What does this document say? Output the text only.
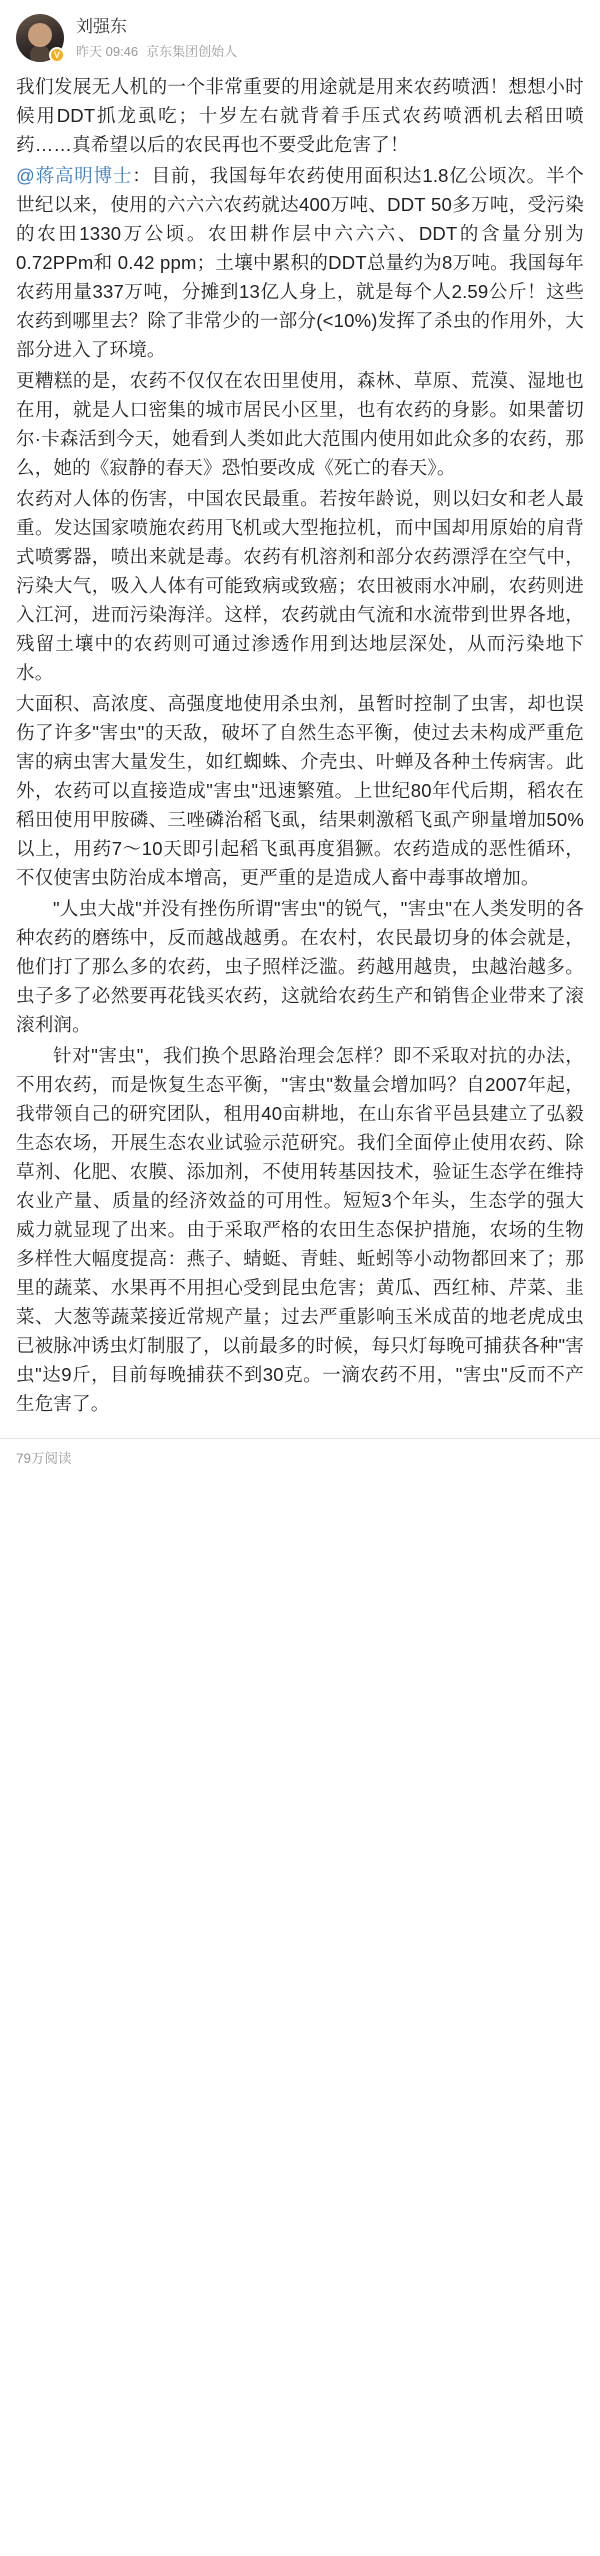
V
刘强东
昨天 09:46 京东集团创始人

我们发展无人机的一个非常重要的用途就是用来农药喷洒！想想小时候用DDT抓龙虱吃；十岁左右就背着手压式农药喷洒机去稻田喷药……真希望以后的农民再也不要受此危害了！

@蒋高明博士：目前，我国每年农药使用面积达1.8亿公顷次。半个世纪以来，使用的六六六农药就达400万吨、DDT 50多万吨，受污染的农田1330万公顷。农田耕作层中六六六、DDT的含量分别为0.72PPm和 0.42 ppm；土壤中累积的DDT总量约为8万吨。我国每年农药用量337万吨，分摊到13亿人身上，就是每个人2.59公斤！这些农药到哪里去？除了非常少的一部分(<10%)发挥了杀虫的作用外，大部分进入了环境。

更糟糕的是，农药不仅仅在农田里使用，森林、草原、荒漠、湿地也在用，就是人口密集的城市居民小区里，也有农药的身影。如果蕾切尔·卡森活到今天，她看到人类如此大范围内使用如此众多的农药，那么，她的《寂静的春天》恐怕要改成《死亡的春天》。

农药对人体的伤害，中国农民最重。若按年龄说，则以妇女和老人最重。发达国家喷施农药用飞机或大型拖拉机，而中国却用原始的肩背式喷雾器，喷出来就是毒。农药有机溶剂和部分农药漂浮在空气中，污染大气，吸入人体有可能致病或致癌；农田被雨水冲刷，农药则进入江河，进而污染海洋。这样，农药就由气流和水流带到世界各地，残留土壤中的农药则可通过渗透作用到达地层深处，从而污染地下水。

大面积、高浓度、高强度地使用杀虫剂，虽暂时控制了虫害，却也误伤了许多"害虫"的天敌，破坏了自然生态平衡，使过去未构成严重危害的病虫害大量发生，如红蜘蛛、介壳虫、叶蝉及各种土传病害。此外，农药可以直接造成"害虫"迅速繁殖。上世纪80年代后期，稻农在稻田使用甲胺磷、三唑磷治稻飞虱，结果刺激稻飞虱产卵量增加50%以上，用药7～10天即引起稻飞虱再度猖獗。农药造成的恶性循环，不仅使害虫防治成本增高，更严重的是造成人畜中毒事故增加。

"人虫大战"并没有挫伤所谓"害虫"的锐气，"害虫"在人类发明的各种农药的磨练中，反而越战越勇。在农村，农民最切身的体会就是，他们打了那么多的农药，虫子照样泛滥。药越用越贵，虫越治越多。虫子多了必然要再花钱买农药，这就给农药生产和销售企业带来了滚滚利润。

针对"害虫"，我们换个思路治理会怎样？即不采取对抗的办法，不用农药，而是恢复生态平衡，"害虫"数量会增加吗？自2007年起，我带领自己的研究团队，租用40亩耕地，在山东省平邑县建立了弘毅生态农场，开展生态农业试验示范研究。我们全面停止使用农药、除草剂、化肥、农膜、添加剂，不使用转基因技术，验证生态学在维持农业产量、质量的经济效益的可用性。短短3个年头，生态学的强大威力就显现了出来。由于采取严格的农田生态保护措施，农场的生物多样性大幅度提高：燕子、蜻蜓、青蛙、蚯蚓等小动物都回来了；那里的蔬菜、水果再不用担心受到昆虫危害；黄瓜、西红柿、芹菜、韭菜、大葱等蔬菜接近常规产量；过去严重影响玉米成苗的地老虎成虫已被脉冲诱虫灯制服了，以前最多的时候，每只灯每晚可捕获各种"害虫"达9斤，目前每晚捕获不到30克。一滴农药不用，"害虫"反而不产生危害了。

79万阅读
